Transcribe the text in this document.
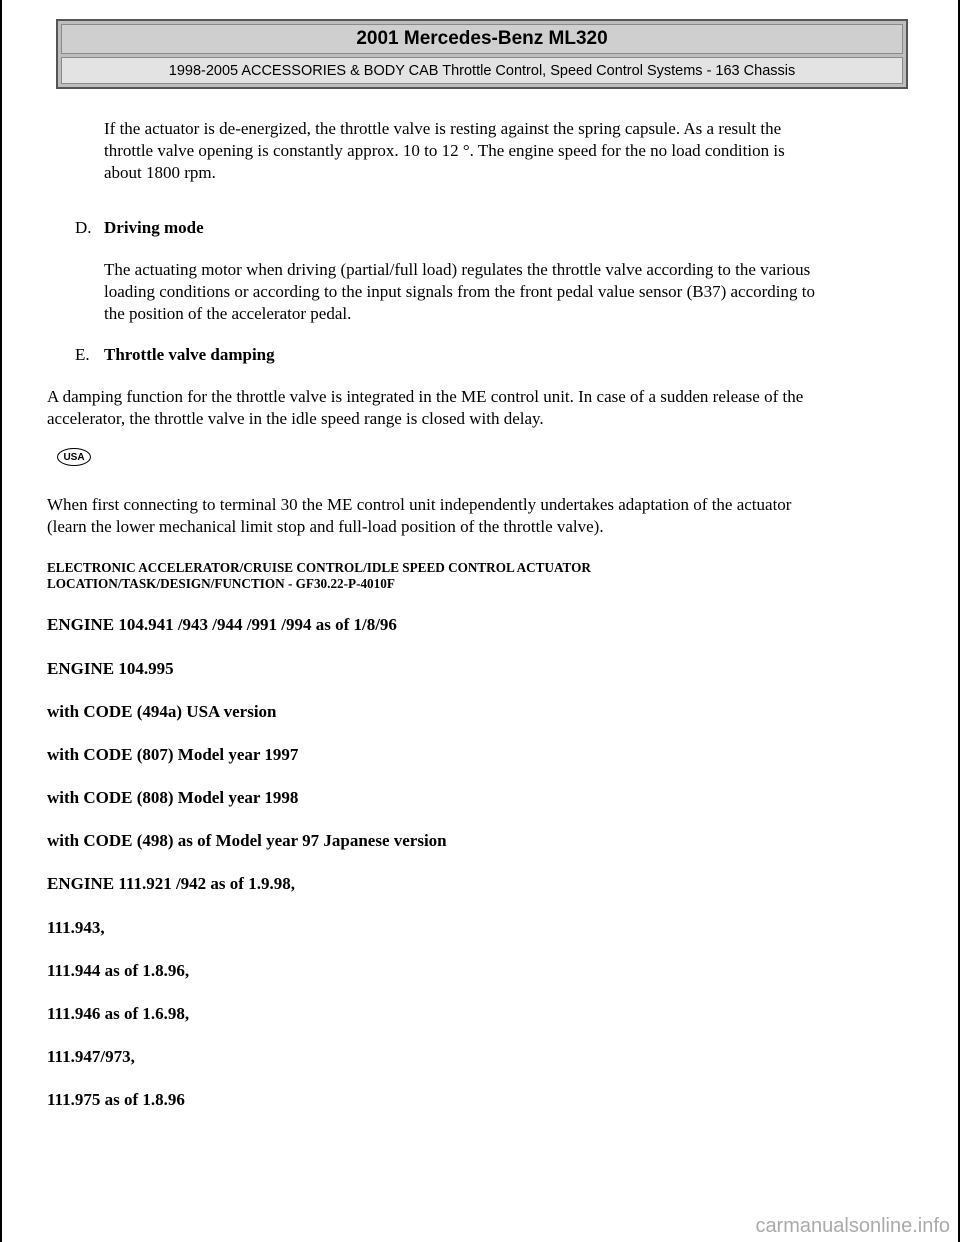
2001 Mercedes-Benz ML320
1998-2005 ACCESSORIES & BODY CAB Throttle Control, Speed Control Systems - 163 Chassis

If the actuator is de-energized, the throttle valve is resting against the spring capsule. As a result the

throttle valve opening is constantly approx. 10 to 12 °. The engine speed for the no load condition is

about 1800 rpm.

D. Driving mode

The actuating motor when driving (partial/full load) regulates the throttle valve according to the various

loading conditions or according to the input signals from the front pedal value sensor (B37) according to

the position of the accelerator pedal.

E. Throttle valve damping

A damping function for the throttle valve is integrated in the ME control unit. In case of a sudden release of the

accelerator, the throttle valve in the idle speed range is closed with delay.

USA

When first connecting to terminal 30 the ME control unit independently undertakes adaptation of the actuator

(learn the lower mechanical limit stop and full-load position of the throttle valve).

ELECTRONIC ACCELERATOR/CRUISE CONTROL/IDLE SPEED CONTROL ACTUATOR

LOCATION/TASK/DESIGN/FUNCTION - GF30.22-P-4010F

ENGINE 104.941 /943 /944 /991 /994 as of 1/8/96

ENGINE 104.995

with CODE (494a) USA version

with CODE (807) Model year 1997

with CODE (808) Model year 1998

with CODE (498) as of Model year 97 Japanese version

ENGINE 111.921 /942 as of 1.9.98,

111.943,

111.944 as of 1.8.96,

111.946 as of 1.6.98,

111.947/973,

111.975 as of 1.8.96

carmanualsonline.info
